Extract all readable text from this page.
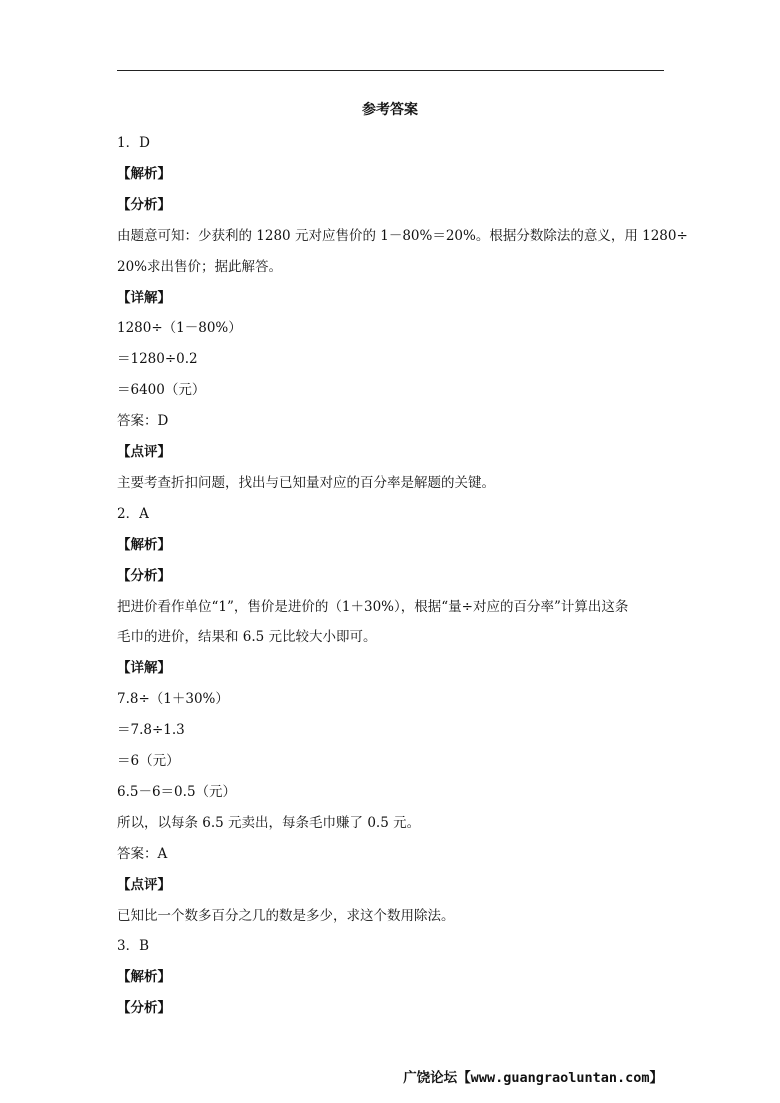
参考答案
1．D
【解析】
【分析】
由题意可知：少获利的 1280 元对应售价的 1－80%＝20%。根据分数除法的意义，用 1280÷
20%求出售价；据此解答。
【详解】
1280÷（1－80%）
＝1280÷0.2
＝6400（元）
答案：D
【点评】
主要考查折扣问题，找出与已知量对应的百分率是解题的关键。
2．A
【解析】
【分析】
把进价看作单位“1”，售价是进价的（1＋30%），根据“量÷对应的百分率”计算出这条
毛巾的进价，结果和 6.5 元比较大小即可。
【详解】
7.8÷（1＋30%）
＝7.8÷1.3
＝6（元）
6.5－6＝0.5（元）
所以，以每条 6.5 元卖出，每条毛巾赚了 0.5 元。
答案：A
【点评】
已知比一个数多百分之几的数是多少，求这个数用除法。
3．B
【解析】
【分析】
广饶论坛【www.guangraoluntan.com】
